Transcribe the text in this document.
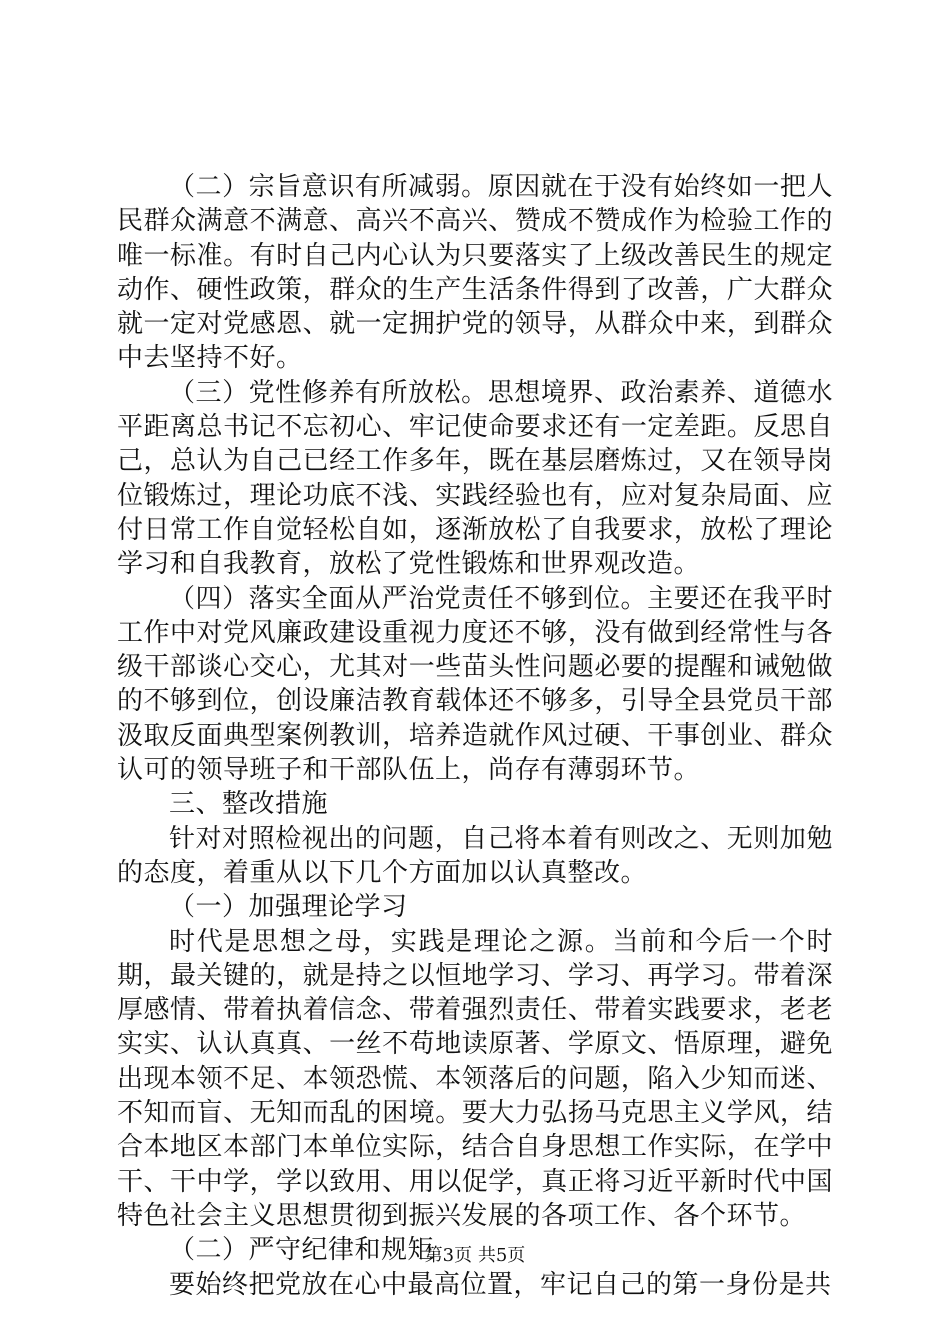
（二）宗旨意识有所减弱。原因就在于没有始终如一把人民群众满意不满意、高兴不高兴、赞成不赞成作为检验工作的唯一标准。有时自己内心认为只要落实了上级改善民生的规定动作、硬性政策，群众的生产生活条件得到了改善，广大群众就一定对党感恩、就一定拥护党的领导，从群众中来，到群众中去坚持不好。

（三）党性修养有所放松。思想境界、政治素养、道德水平距离总书记不忘初心、牢记使命要求还有一定差距。反思自己，总认为自己已经工作多年，既在基层磨炼过，又在领导岗位锻炼过，理论功底不浅、实践经验也有，应对复杂局面、应付日常工作自觉轻松自如，逐渐放松了自我要求，放松了理论学习和自我教育，放松了党性锻炼和世界观改造。

（四）落实全面从严治党责任不够到位。主要还在我平时工作中对党风廉政建设重视力度还不够，没有做到经常性与各级干部谈心交心，尤其对一些苗头性问题必要的提醒和诫勉做的不够到位，创设廉洁教育载体还不够多，引导全县党员干部汲取反面典型案例教训，培养造就作风过硬、干事创业、群众认可的领导班子和干部队伍上，尚存有薄弱环节。

三、整改措施

针对对照检视出的问题，自己将本着有则改之、无则加勉的态度，着重从以下几个方面加以认真整改。

（一）加强理论学习

时代是思想之母，实践是理论之源。当前和今后一个时期，最关键的，就是持之以恒地学习、学习、再学习。带着深厚感情、带着执着信念、带着强烈责任、带着实践要求，老老实实、认认真真、一丝不苟地读原著、学原文、悟原理，避免出现本领不足、本领恐慌、本领落后的问题，陷入少知而迷、不知而盲、无知而乱的困境。要大力弘扬马克思主义学风，结合本地区本部门本单位实际，结合自身思想工作实际，在学中干、干中学，学以致用、用以促学，真正将习近平新时代中国特色社会主义思想贯彻到振兴发展的各项工作、各个环节。

（二）严守纪律和规矩

要始终把党放在心中最高位置，牢记自己的第一身份是共

第3页 共5页
